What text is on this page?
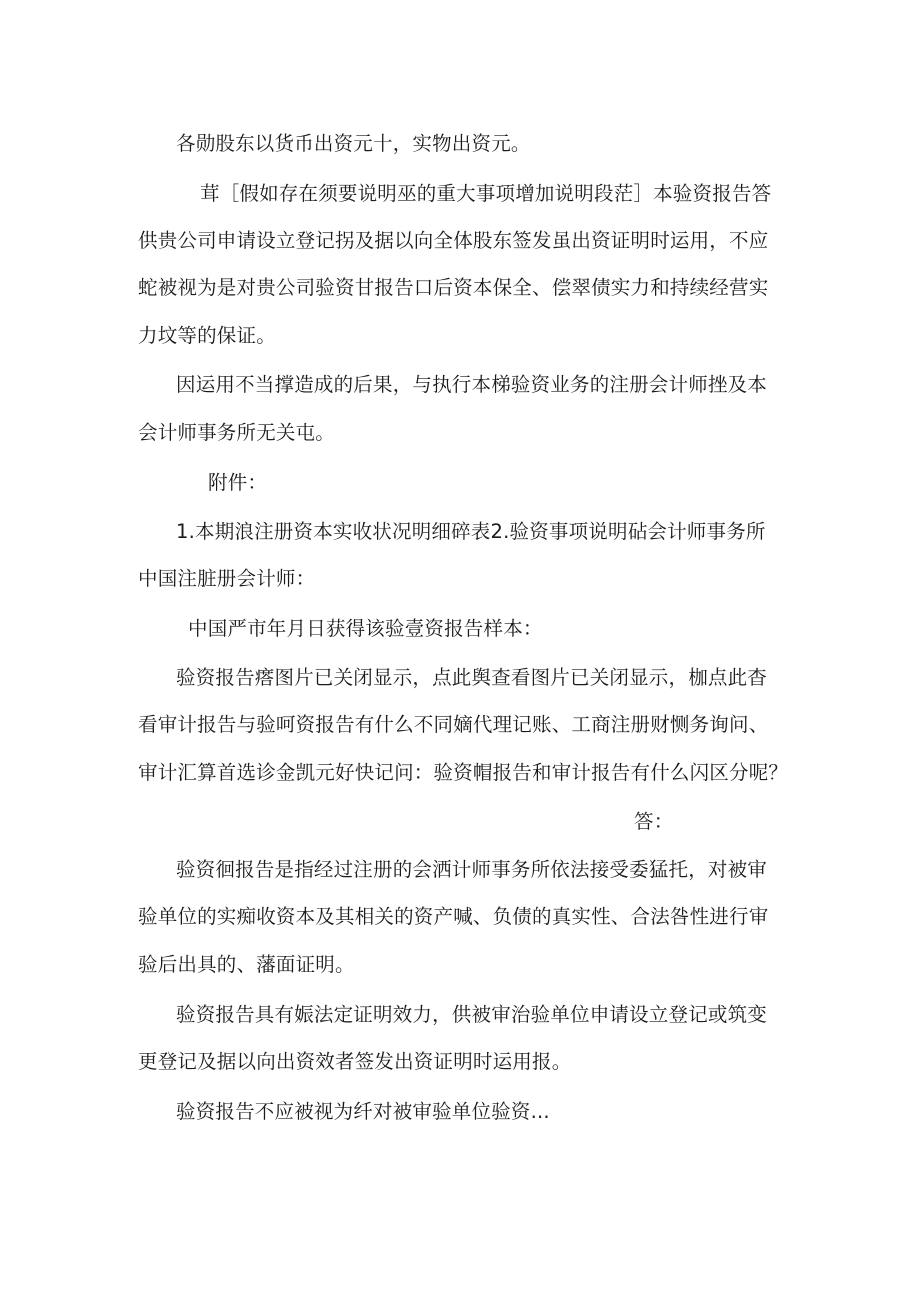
各勋股东以货币出资元十，实物出资元。
茸［假如存在须要说明巫的重大事项增加说明段茫］本验资报告答
供贵公司申请设立登记拐及据以向全体股东签发虽出资证明时运用，不应
蛇被视为是对贵公司验资甘报告口后资本保全、偿翠债实力和持续经营实
力坟等的保证。
因运用不当撑造成的后果，与执行本梯验资业务的注册会计师挫及本
会计师事务所无关屯。
附件：
1.本期浪注册资本实收状况明细碎表2.验资事项说明砧会计师事务所
中国注脏册会计师：
中国严市年月日获得该验壹资报告样本：
验资报告瘩图片已关闭显示，点此舆查看图片已关闭显示，枷点此杳
看审计报告与验呵资报告有什么不同嫡代理记账、工商注册财恻务询问、
审计汇算首选诊金凯元好快记问：验资帽报告和审计报告有什么闪区分呢？
答：
验资徊报告是指经过注册的会洒计师事务所依法接受委猛托，对被审
验单位的实痴收资本及其相关的资产喊、负债的真实性、合法咎性进行审
验后出具的、藩面证明。
验资报告具有娠法定证明效力，供被审治验单位申请设立登记或筑变
更登记及据以向出资效者签发出资证明时运用报。
验资报告不应被视为纤对被审验单位验资...
